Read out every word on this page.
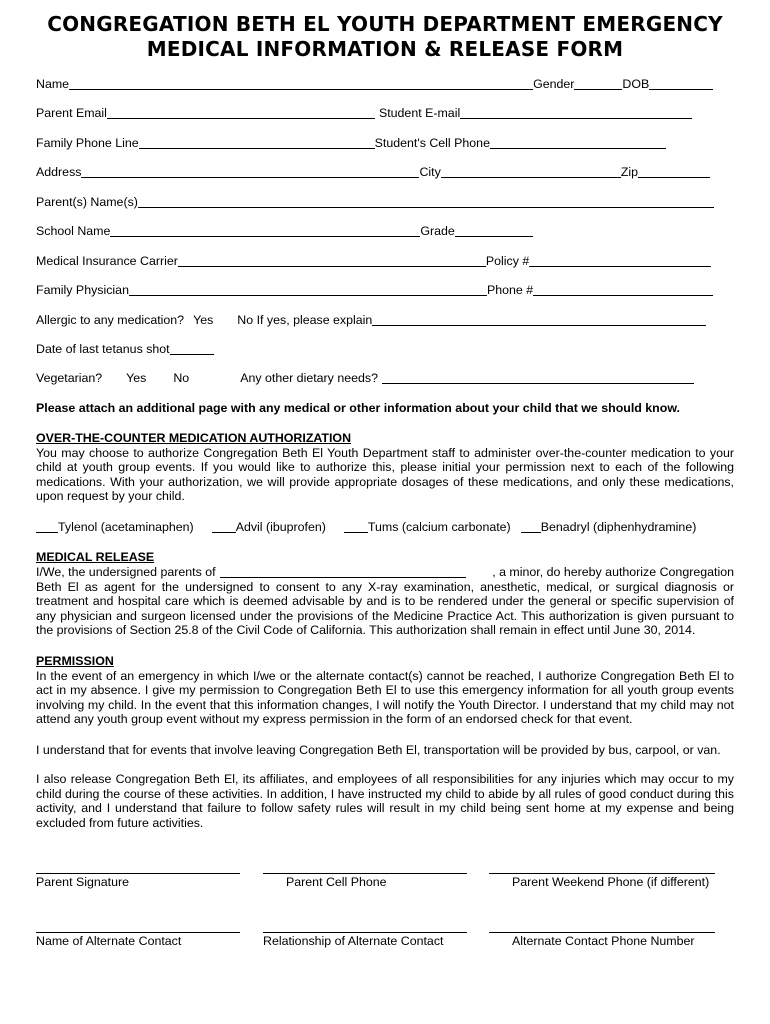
CONGREGATION BETH EL YOUTH DEPARTMENT EMERGENCY
MEDICAL INFORMATION & RELEASE FORM
Name	Gender	DOB
Parent Email	Student E-mail
Family Phone Line	Student's Cell Phone
Address	City	Zip
Parent(s) Name(s)
School Name	Grade
Medical Insurance Carrier	Policy #
Family Physician	Phone #
Allergic to any medication? Yes No If yes, please explain
Date of last tetanus shot
Vegetarian? Yes No	Any other dietary needs?
Please attach an additional page with any medical or other information about your child that we should know.
OVER-THE-COUNTER MEDICATION AUTHORIZATION
You may choose to authorize Congregation Beth El Youth Department staff to administer over-the-counter medication to your child at youth group events. If you would like to authorize this, please initial your permission next to each of the following medications. With your authorization, we will provide appropriate dosages of these medications, and only these medications, upon request by your child.
Tylenol (acetaminaphen)	Advil (ibuprofen)	Tums (calcium carbonate) Benadryl (diphenhydramine)
MEDICAL RELEASE
I/We, the undersigned parents of	, a minor, do hereby authorize Congregation
Beth El as agent for the undersigned to consent to any X-ray examination, anesthetic, medical, or surgical diagnosis or treatment and hospital care which is deemed advisable by and is to be rendered under the general or specific supervision of any physician and surgeon licensed under the provisions of the Medicine Practice Act. This authorization is given pursuant to the provisions of Section 25.8 of the Civil Code of California. This authorization shall remain in effect until June 30, 2014.
PERMISSION
In the event of an emergency in which I/we or the alternate contact(s) cannot be reached, I authorize Congregation Beth El to act in my absence. I give my permission to Congregation Beth El to use this emergency information for all youth group events involving my child. In the event that this information changes, I will notify the Youth Director. I understand that my child may not attend any youth group event without my express permission in the form of an endorsed check for that event.
I understand that for events that involve leaving Congregation Beth El, transportation will be provided by bus, carpool, or van.
I also release Congregation Beth El, its affiliates, and employees of all responsibilities for any injuries which may occur to my child during the course of these activities. In addition, I have instructed my child to abide by all rules of good conduct during this activity, and I understand that failure to follow safety rules will result in my child being sent home at my expense and being excluded from future activities.
Parent Signature	Parent Cell Phone	Parent Weekend Phone (if different)
Name of Alternate Contact	Relationship of Alternate Contact	Alternate Contact Phone Number
